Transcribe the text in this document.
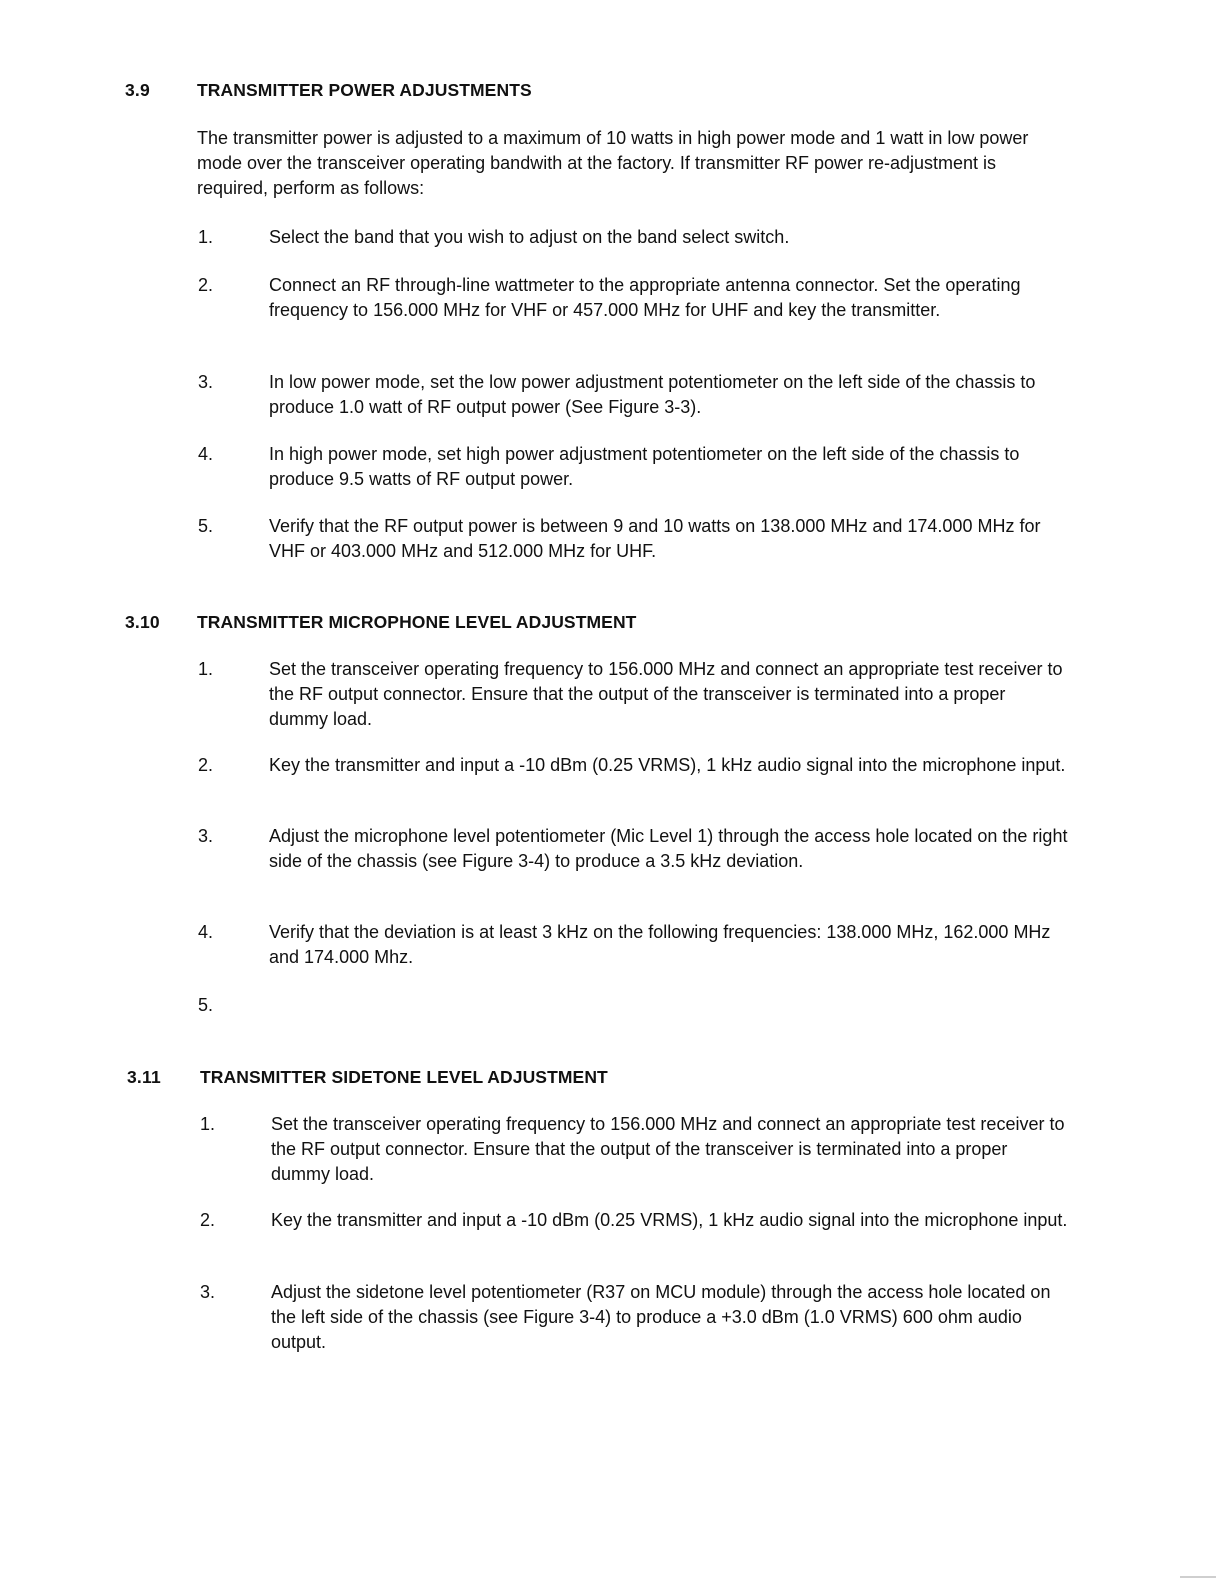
3.9	TRANSMITTER POWER ADJUSTMENTS
The transmitter power is adjusted to a maximum of 10 watts in high power mode and 1 watt in low power mode over the transceiver operating bandwith at the factory. If transmitter RF power re-adjustment is required, perform as follows:
1.	Select the band that you wish to adjust on the band select switch.
2.	Connect an RF through-line wattmeter to the appropriate antenna connector. Set the operating frequency to 156.000 MHz for VHF or 457.000 MHz for UHF and key the transmitter.
3.	In low power mode, set the low power adjustment potentiometer on the left side of the chassis to produce 1.0 watt of RF output power (See Figure 3-3).
4.	In high power mode, set high power adjustment potentiometer on the left side of the chassis to produce 9.5 watts of RF output power.
5.	Verify that the RF output power is between 9 and 10 watts on 138.000 MHz and 174.000 MHz for VHF or 403.000 MHz and 512.000 MHz for UHF.
3.10 TRANSMITTER MICROPHONE LEVEL ADJUSTMENT
1.	Set the transceiver operating frequency to 156.000 MHz and connect an appropriate test receiver to the RF output connector. Ensure that the output of the transceiver is terminated into a proper dummy load.
2.	Key the transmitter and input a -10 dBm (0.25 VRMS), 1 kHz audio signal into the microphone input.
3.	Adjust the microphone level potentiometer (Mic Level 1) through the access hole located on the right side of the chassis (see Figure 3-4) to produce a 3.5 kHz deviation.
4.	Verify that the deviation is at least 3 kHz on the following frequencies: 138.000 MHz, 162.000 MHz and 174.000 Mhz.
5.
3.11 TRANSMITTER SIDETONE LEVEL ADJUSTMENT
1.	Set the transceiver operating frequency to 156.000 MHz and connect an appropriate test receiver to the RF output connector. Ensure that the output of the transceiver is terminated into a proper dummy load.
2.	Key the transmitter and input a -10 dBm (0.25 VRMS), 1 kHz audio signal into the microphone input.
3.	Adjust the sidetone level potentiometer (R37 on MCU module) through the access hole located on the left side of the chassis (see Figure 3-4) to produce a +3.0 dBm (1.0 VRMS) 600 ohm audio output.
